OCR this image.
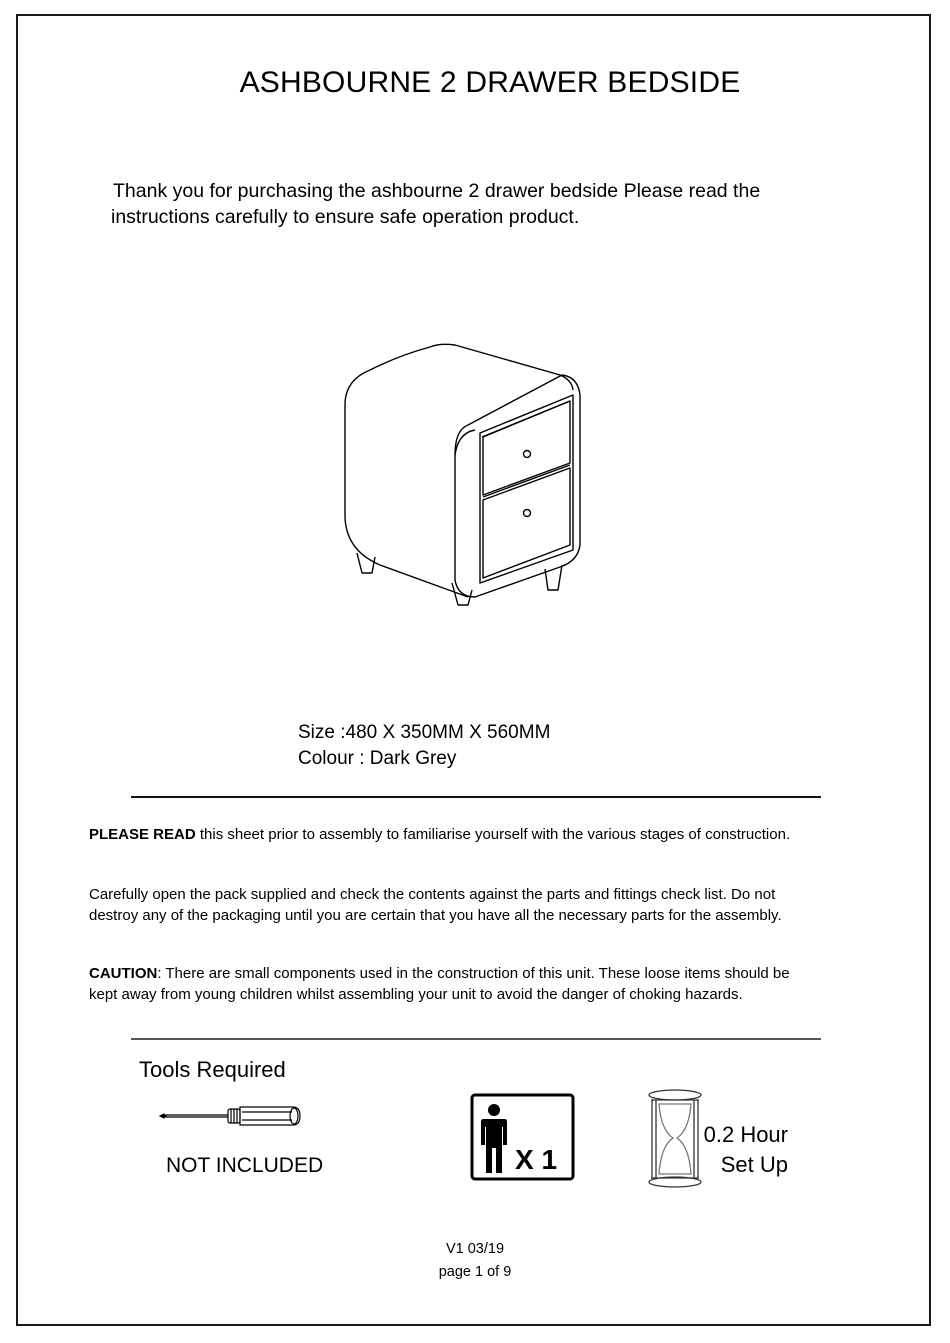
ASHBOURNE 2 DRAWER BEDSIDE
Thank you for purchasing the ashbourne 2 drawer bedside Please read the
instructions carefully to ensure safe operation product.
Size :480 X 350MM X 560MM
Colour : Dark Grey
PLEASE READ this sheet prior to assembly to familiarise yourself with the various stages of construction.
Carefully open the pack supplied and check the contents against the parts and fittings check list. Do not
destroy any of the packaging until you are certain that you have all the necessary parts for the assembly.
CAUTION: There are small components used in the construction of this unit. These loose items should be
kept away from young children whilst assembling your unit to avoid the danger of choking hazards.
Tools Required
NOT INCLUDED	X 1
0.2 Hour
Set Up
V1 03/19
page 1 of 9
